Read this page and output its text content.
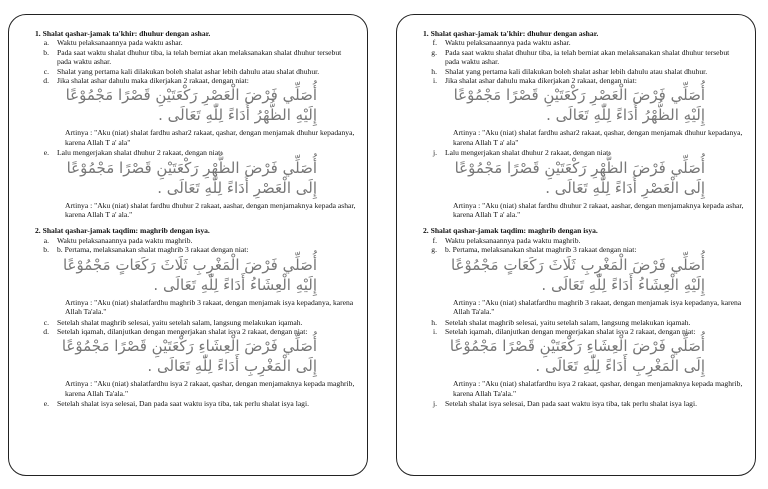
1. Shalat qashar-jamak ta'khir: dhuhur dengan ashar.
a.	Waktu pelaksanaannya pada waktu ashar.
b.	Pada saat waktu shalat dhuhur tiba, ia telah berniat akan melaksanakan shalat dhuhur tersebut pada waktu ashar.
c.	Shalat yang pertama kali dilakukan boleh shalat ashar lebih dahulu atau shalat dhuhur.
d.	Jika shalat ashar dahulu maka dikerjakan 2 rakaat, dengan niat:
أُصَلِّي فَرْضَ الْعَصْرِ رَكْعَتَيْنِ قَصْرًا مَجْمُوْعًا
إِلَيْهِ الظُّهْرُ أَدَاءً لِلّٰهِ تَعَالَى .
Artinya : "Aku (niat) shalat fardhu ashar2 rakaat, qashar, dengan menjamak dhuhur kepadanya, karena Allah T a' ala"
e.	Lalu mengerjakan shalat dhuhur 2 rakaat, dengan niat:
أُصَلِّي فَرْضَ الظُّهْرِ رَكْعَتَيْنِ قَصْرًا مَجْمُوْعًا
إِلَى الْعَصْرِ أَدَاءً لِلّٰهِ تَعَالَى .
Artinya : "Aku (niat) shalat fardhu dhuhur 2 rakaat, aashar, dengan menjamaknya kepada ashar, karena Allah T a' ala."
2. Shalat qashar-jamak taqdim: maghrib dengan isya.
a.	Waktu pelaksanaannya pada waktu maghrib.
b.	b. Pertama, melaksanakan shalat maghrib 3 rakaat dengan niat:
أُصَلِّي فَرْضَ الْمَغْرِبِ ثَلَاثَ رَكَعَاتٍ مَجْمُوْعًا
إِلَيْهِ الْعِشَاءُ أَدَاءً لِلّٰهِ تَعَالَى .
Artinya : "Aku (niat) shalatfardhu maghrib 3 rakaat, dengan menjamak isya kepadanya, karena Allah Ta'ala."
c.	Setelah shalat maghrib selesai, yaitu setelah salam, langsung melakukan iqamah.
d.	Setelah iqamah, dilanjutkan dengan mengerjakan shalat isya 2 rakaat, dengan niat:
أُصَلِّي فَرْضَ الْعِشَاءِ رَكْعَتَيْنِ قَصْرًا مَجْمُوْعًا
إِلَى الْمَغْرِبِ أَدَاءً لِلّٰهِ تَعَالَى .
Artinya : "Aku (niat) shalatfardhu isya 2 rakaat, qashar, dengan menjamaknya kepada maghrib, karena Allah Ta'ala."
e.	Setelah shalat isya selesai, Dan pada saat waktu isya tiba, tak perlu shalat isya lagi.
1. Shalat qashar-jamak ta'khir: dhuhur dengan ashar.
f.	Waktu pelaksanaannya pada waktu ashar.
g.	Pada saat waktu shalat dhuhur tiba, ia telah berniat akan melaksanakan shalat dhuhur tersebut pada waktu ashar.
h.	Shalat yang pertama kali dilakukan boleh shalat ashar lebih dahulu atau shalat dhuhur.
i.	Jika shalat ashar dahulu maka dikerjakan 2 rakaat, dengan niat:
أُصَلِّي فَرْضَ الْعَصْرِ رَكْعَتَيْنِ قَصْرًا مَجْمُوْعًا
إِلَيْهِ الظُّهْرُ أَدَاءً لِلّٰهِ تَعَالَى .
Artinya : "Aku (niat) shalat fardhu ashar2 rakaat, qashar, dengan menjamak dhuhur kepadanya, karena Allah T a' ala"
j.	Lalu mengerjakan shalat dhuhur 2 rakaat, dengan niat:
أُصَلِّي فَرْضَ الظُّهْرِ رَكْعَتَيْنِ قَصْرًا مَجْمُوْعًا
إِلَى الْعَصْرِ أَدَاءً لِلّٰهِ تَعَالَى .
Artinya : "Aku (niat) shalat fardhu dhuhur 2 rakaat, aashar, dengan menjamaknya kepada ashar, karena Allah T a' ala."
2. Shalat qashar-jamak taqdim: maghrib dengan isya.
f.	Waktu pelaksanaannya pada waktu maghrib.
g.	b. Pertama, melaksanakan shalat maghrib 3 rakaat dengan niat:
أُصَلِّي فَرْضَ الْمَغْرِبِ ثَلَاثَ رَكَعَاتٍ مَجْمُوْعًا
إِلَيْهِ الْعِشَاءُ أَدَاءً لِلّٰهِ تَعَالَى .
Artinya : "Aku (niat) shalatfardhu maghrib 3 rakaat, dengan menjamak isya kepadanya, karena Allah Ta'ala."
h.	Setelah shalat maghrib selesai, yaitu setelah salam, langsung melakukan iqamah.
i.	Setelah iqamah, dilanjutkan dengan mengerjakan shalat isya 2 rakaat, dengan niat:
أُصَلِّي فَرْضَ الْعِشَاءِ رَكْعَتَيْنِ قَصْرًا مَجْمُوْعًا
إِلَى الْمَغْرِبِ أَدَاءً لِلّٰهِ تَعَالَى .
Artinya : "Aku (niat) shalatfardhu isya 2 rakaat, qashar, dengan menjamaknya kepada maghrib, karena Allah Ta'ala."
j.	Setelah shalat isya selesai, Dan pada saat waktu isya tiba, tak perlu shalat isya lagi.
